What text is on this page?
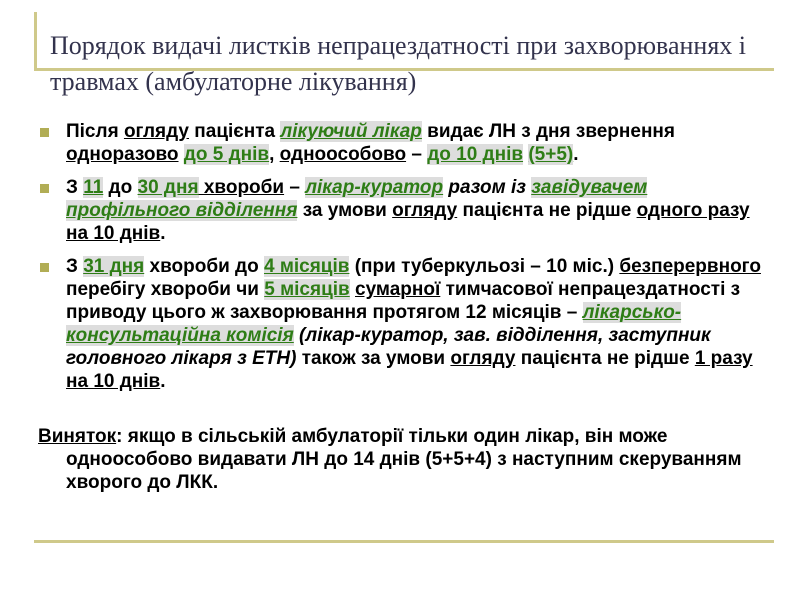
Порядок видачі листків непрацездатності при захворюваннях і травмах (амбулаторне лікування)
Після огляду пацієнта лікуючий лікар видає ЛН з дня звернення одноразово до 5 днів, одноособово – до 10 днів (5+5).
З 11 до 30 дня хвороби – лікар-куратор разом із завідувачем профільного відділення за умови огляду пацієнта не рідше одного разу на 10 днів.
З 31 дня хвороби до 4 місяців (при туберкульозі – 10 міс.) безперервного перебігу хвороби чи 5 місяців сумарної тимчасової непрацездатності з приводу цього ж захворювання протягом 12 місяців – лікарсько-консультаційна комісія (лікар-куратор, зав. відділення, заступник головного лікаря з ЕТН) також за умови огляду пацієнта не рідше 1 разу на 10 днів.
Виняток: якщо в сільській амбулаторії тільки один лікар, він може одноособово видавати ЛН до 14 днів (5+5+4) з наступним скеруванням хворого до ЛКК.
